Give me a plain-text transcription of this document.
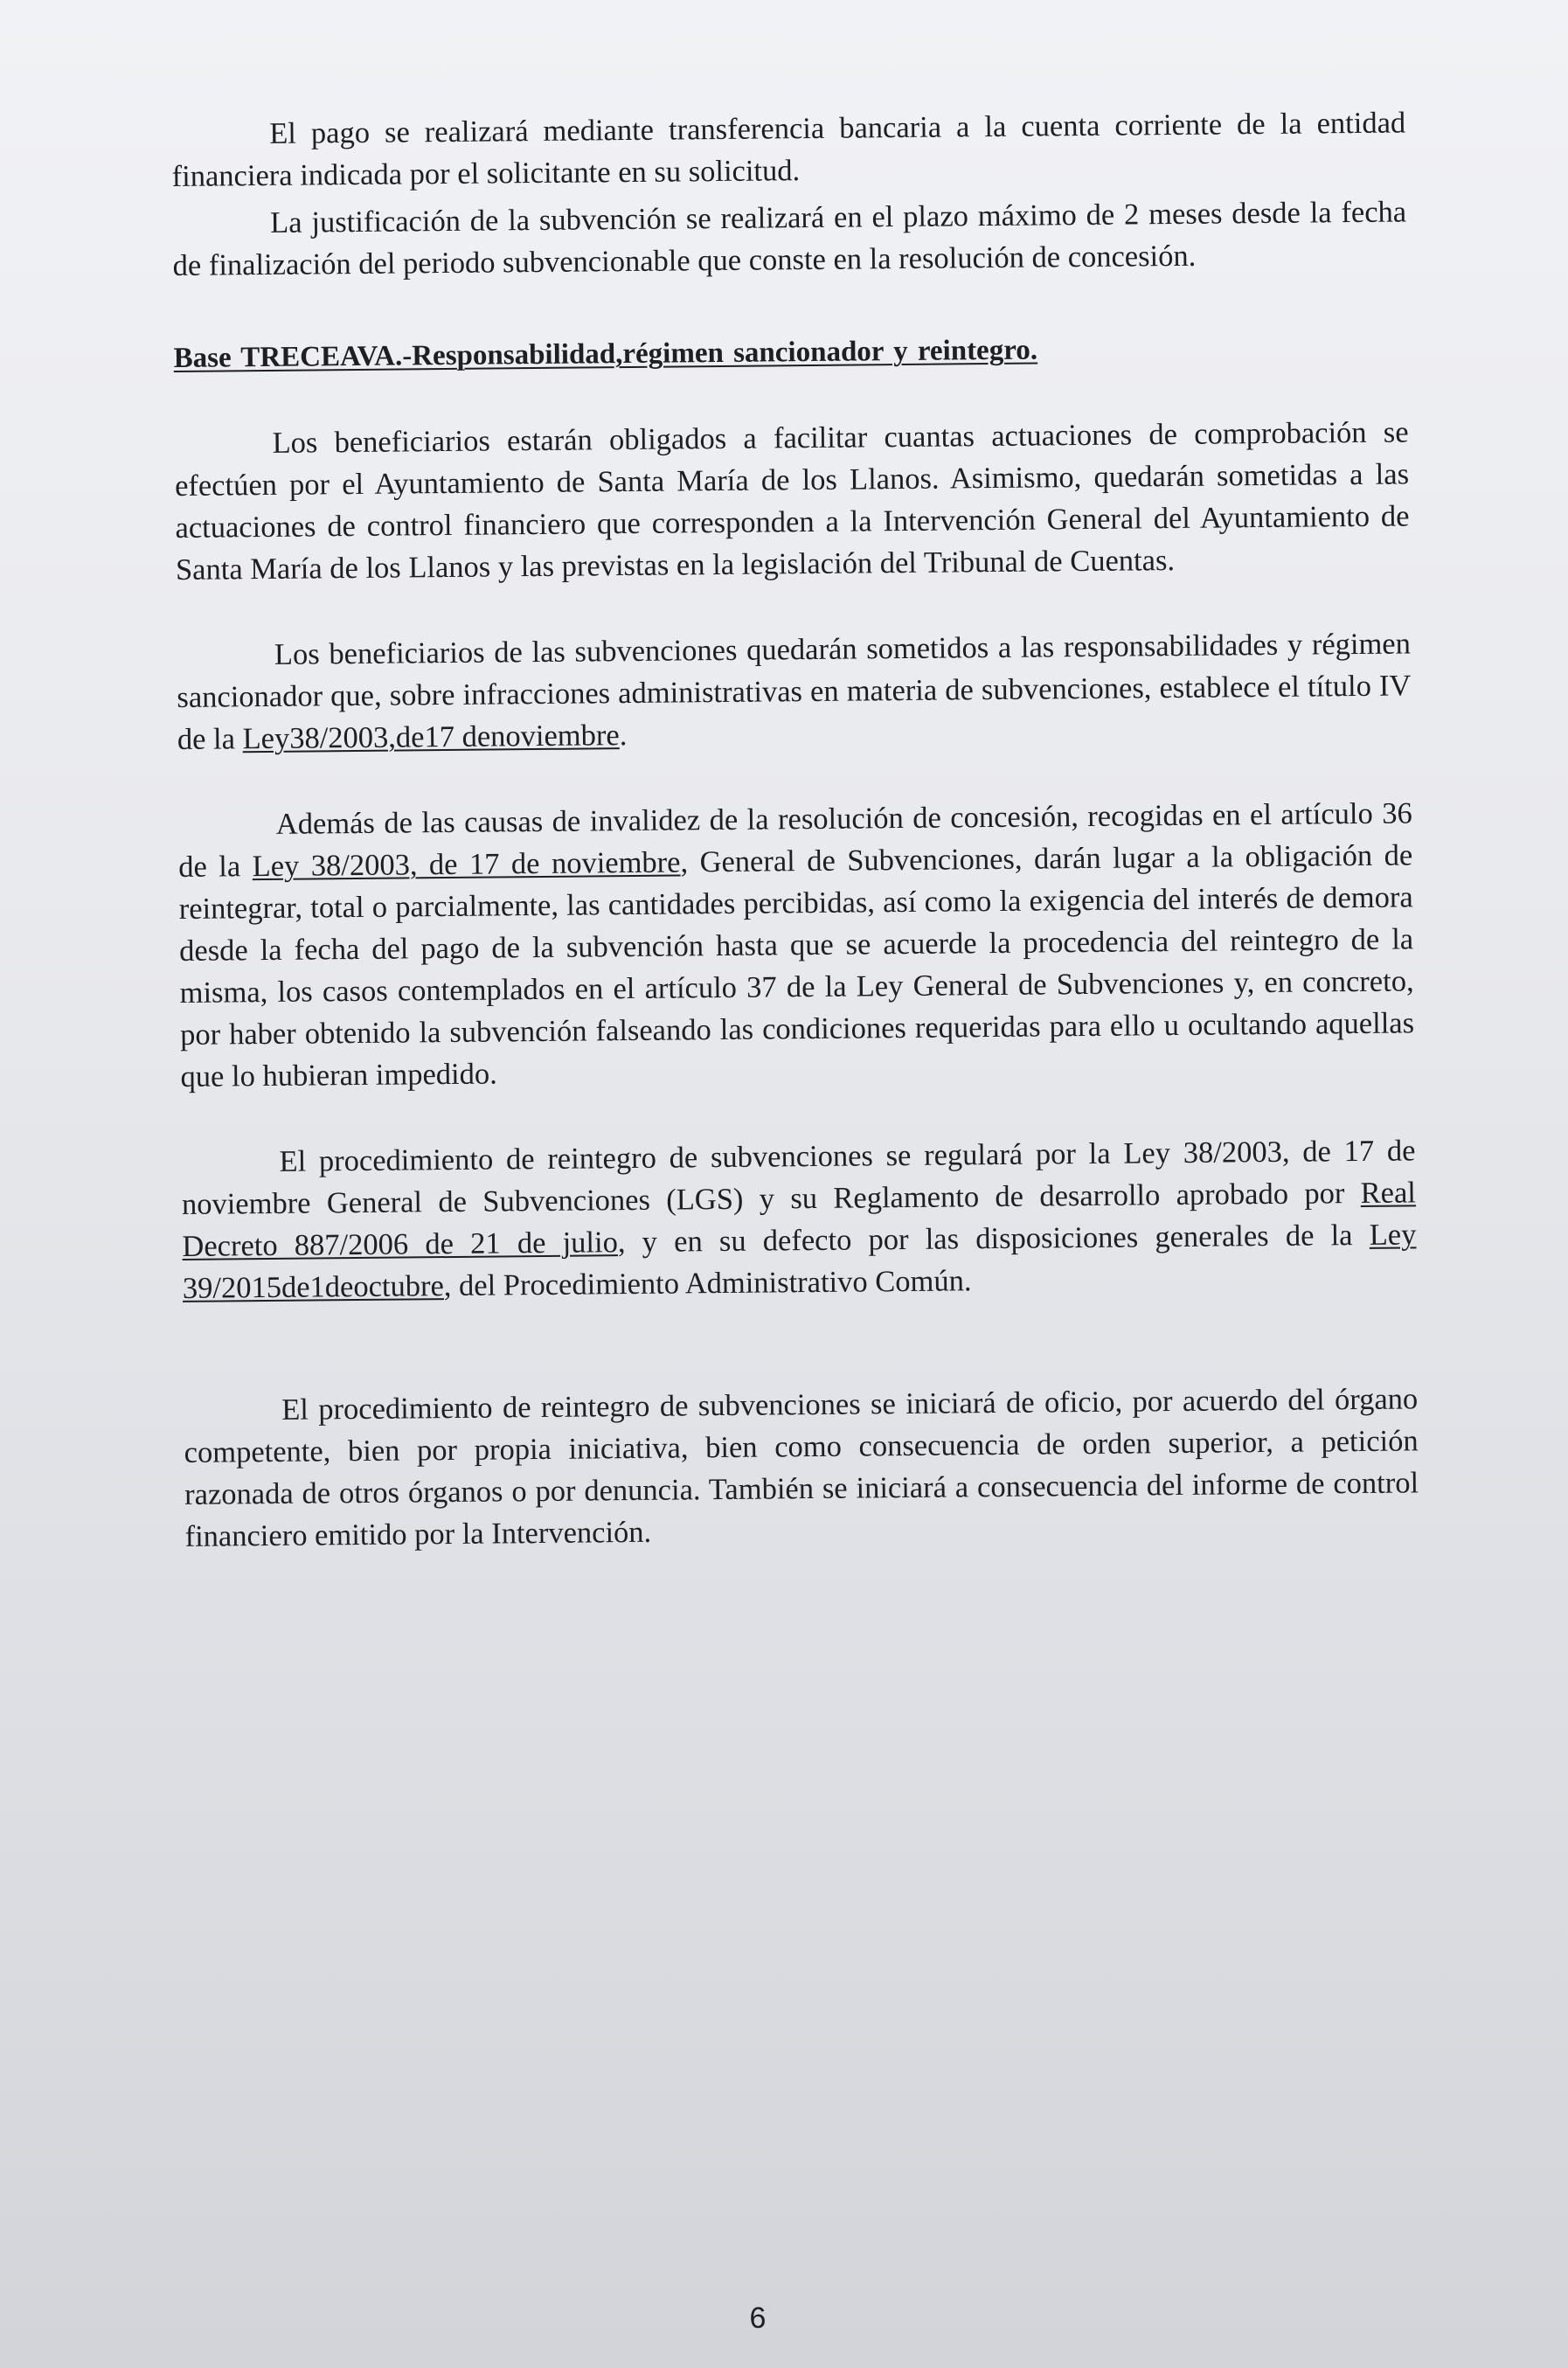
El pago se realizará mediante transferencia bancaria a la cuenta corriente de la entidad financiera indicada por el solicitante en su solicitud.

La justificación de la subvención se realizará en el plazo máximo de 2 meses desde la fecha de finalización del periodo subvencionable que conste en la resolución de concesión.

Base TRECEAVA.-Responsabilidad,régimen sancionador y reintegro.

Los beneficiarios estarán obligados a facilitar cuantas actuaciones de comprobación se efectúen por el Ayuntamiento de Santa María de los Llanos. Asimismo, quedarán sometidas a las actuaciones de control financiero que corresponden a la Intervención General del Ayuntamiento de Santa María de los Llanos y las previstas en la legislación del Tribunal de Cuentas.

Los beneficiarios de las subvenciones quedarán sometidos a las responsabilidades y régimen sancionador que, sobre infracciones administrativas en materia de subvenciones, establece el título IV de la Ley38/2003,de17 denoviembre.

Además de las causas de invalidez de la resolución de concesión, recogidas en el artículo 36 de la Ley 38/2003, de 17 de noviembre, General de Subvenciones, darán lugar a la obligación de reintegrar, total o parcialmente, las cantidades percibidas, así como la exigencia del interés de demora desde la fecha del pago de la subvención hasta que se acuerde la procedencia del reintegro de la misma, los casos contemplados en el artículo 37 de la Ley General de Subvenciones y, en concreto, por haber obtenido la subvención falseando las condiciones requeridas para ello u ocultando aquellas que lo hubieran impedido.

El procedimiento de reintegro de subvenciones se regulará por la Ley 38/2003, de 17 de noviembre General de Subvenciones (LGS) y su Reglamento de desarrollo aprobado por Real Decreto 887/2006 de 21 de julio, y en su defecto por las disposiciones generales de la Ley 39/2015de1deoctubre, del Procedimiento Administrativo Común.

El procedimiento de reintegro de subvenciones se iniciará de oficio, por acuerdo del órgano competente, bien por propia iniciativa, bien como consecuencia de orden superior, a petición razonada de otros órganos o por denuncia. También se iniciará a consecuencia del informe de control financiero emitido por la Intervención.

6
